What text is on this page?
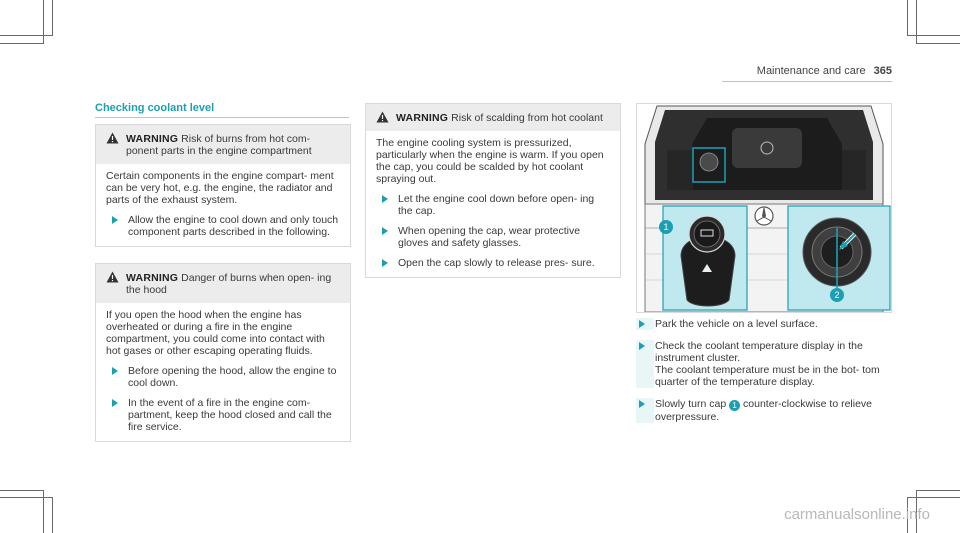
Maintenance and care 365
Checking coolant level
WARNING Risk of burns from hot com- ponent parts in the engine compartment

Certain components in the engine compart- ment can be very hot, e.g. the engine, the radiator and parts of the exhaust system.

Allow the engine to cool down and only touch component parts described in the following.
WARNING Danger of burns when open- ing the hood

If you open the hood when the engine has overheated or during a fire in the engine compartment, you could come into contact with hot gases or other escaping operating fluids.

Before opening the hood, allow the engine to cool down.
In the event of a fire in the engine com- partment, keep the hood closed and call the fire service.
WARNING Risk of scalding from hot coolant

The engine cooling system is pressurized, particularly when the engine is warm. If you open the cap, you could be scalded by hot coolant spraying out.

Let the engine cool down before open- ing the cap.
When opening the cap, wear protective gloves and safety glasses.
Open the cap slowly to release pres- sure.
1
2
Park the vehicle on a level surface.
Check the coolant temperature display in the instrument cluster.
The coolant temperature must be in the bot- tom quarter of the temperature display.
Slowly turn cap 1 counter-clockwise to relieve overpressure.
carmanualsonline.info
